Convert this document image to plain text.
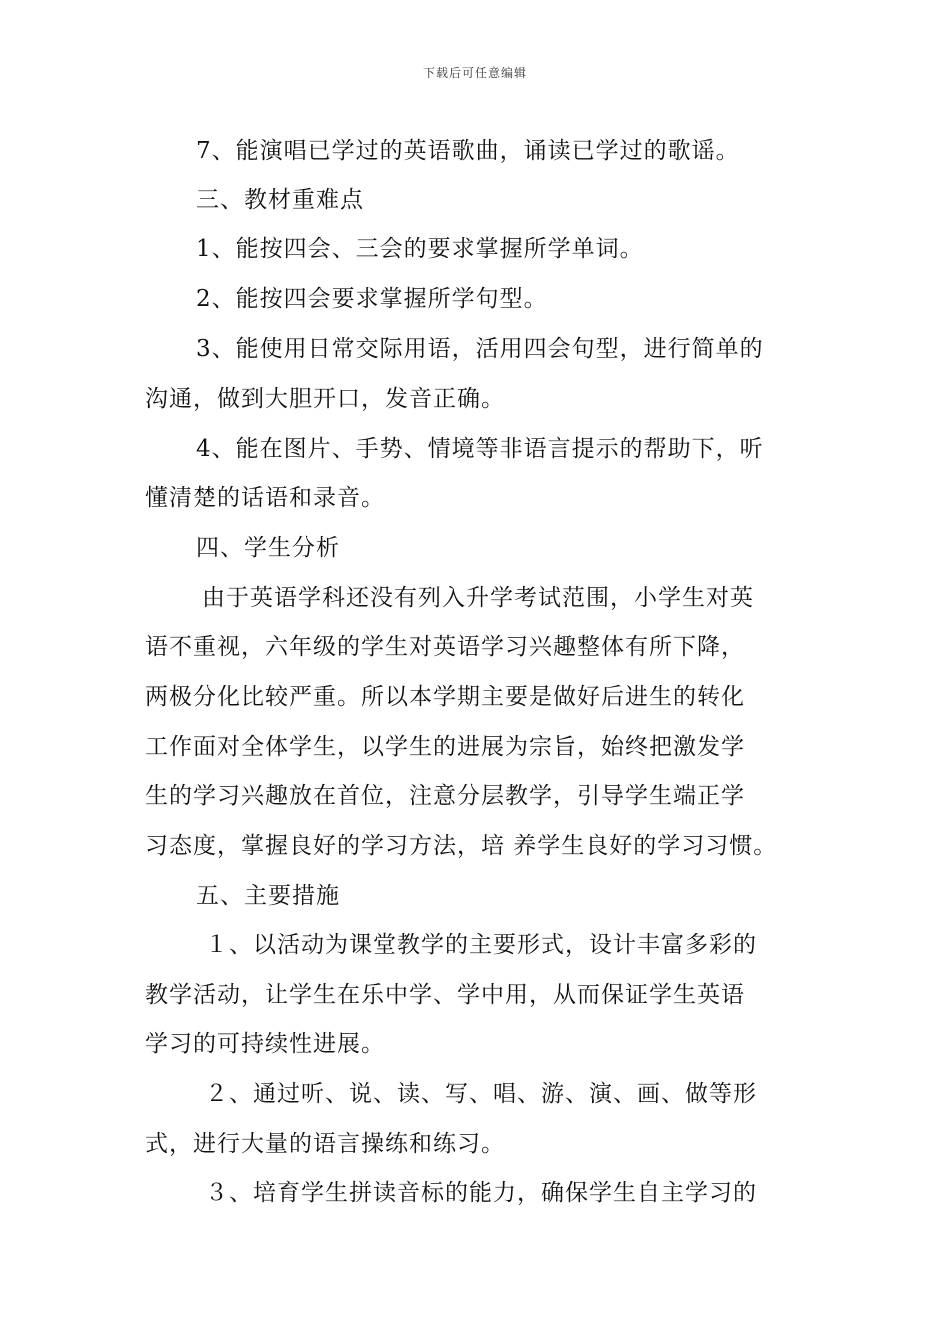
下载后可任意编辑
7、能演唱已学过的英语歌曲，诵读已学过的歌谣。
三、教材重难点
1、能按四会、三会的要求掌握所学单词。
2、能按四会要求掌握所学句型。
3、能使用日常交际用语，活用四会句型，进行简单的
沟通，做到大胆开口，发音正确。
4、能在图片、手势、情境等非语言提示的帮助下，听
懂清楚的话语和录音。
四、学生分析
由于英语学科还没有列入升学考试范围，小学生对英
语不重视，六年级的学生对英语学习兴趣整体有所下降，
两极分化比较严重。所以本学期主要是做好后进生的转化
工作面对全体学生，以学生的进展为宗旨，始终把激发学
生的学习兴趣放在首位，注意分层教学，引导学生端正学
习态度，掌握良好的学习方法，培 养学生良好的学习习惯。
五、主要措施
１、以活动为课堂教学的主要形式，设计丰富多彩的
教学活动，让学生在乐中学、学中用，从而保证学生英语
学习的可持续性进展。
２、通过听、说、读、写、唱、游、演、画、做等形
式，进行大量的语言操练和练习。
３、培育学生拼读音标的能力，确保学生自主学习的
